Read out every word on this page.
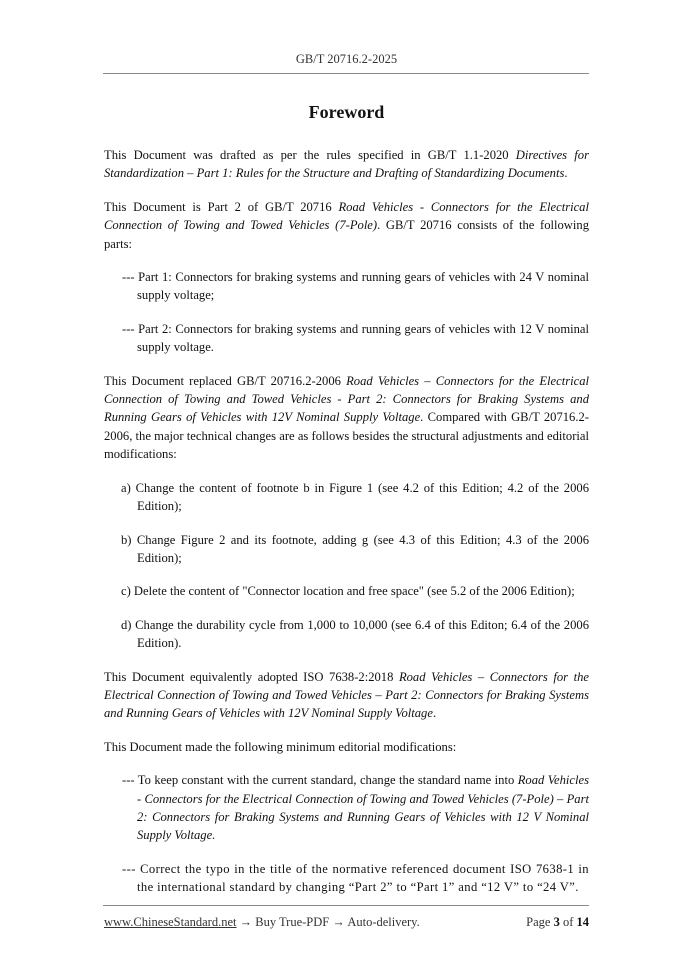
GB/T 20716.2-2025
Foreword

This Document was drafted as per the rules specified in GB/T 1.1-2020 Directives for Standardization – Part 1: Rules for the Structure and Drafting of Standardizing Documents.

This Document is Part 2 of GB/T 20716 Road Vehicles - Connectors for the Electrical Connection of Towing and Towed Vehicles (7-Pole). GB/T 20716 consists of the following parts:

--- Part 1: Connectors for braking systems and running gears of vehicles with 24 V nominal supply voltage;
--- Part 2: Connectors for braking systems and running gears of vehicles with 12 V nominal supply voltage.

This Document replaced GB/T 20716.2-2006 Road Vehicles – Connectors for the Electrical Connection of Towing and Towed Vehicles - Part 2: Connectors for Braking Systems and Running Gears of Vehicles with 12V Nominal Supply Voltage. Compared with GB/T 20716.2-2006, the major technical changes are as follows besides the structural adjustments and editorial modifications:

a) Change the content of footnote b in Figure 1 (see 4.2 of this Edition; 4.2 of the 2006 Edition);
b) Change Figure 2 and its footnote, adding g (see 4.3 of this Edition; 4.3 of the 2006 Edition);
c) Delete the content of "Connector location and free space" (see 5.2 of the 2006 Edition);
d) Change the durability cycle from 1,000 to 10,000 (see 6.4 of this Editon; 6.4 of the 2006 Edition).

This Document equivalently adopted ISO 7638-2:2018 Road Vehicles – Connectors for the Electrical Connection of Towing and Towed Vehicles – Part 2: Connectors for Braking Systems and Running Gears of Vehicles with 12V Nominal Supply Voltage.

This Document made the following minimum editorial modifications:

--- To keep constant with the current standard, change the standard name into Road Vehicles - Connectors for the Electrical Connection of Towing and Towed Vehicles (7-Pole) – Part 2: Connectors for Braking Systems and Running Gears of Vehicles with 12 V Nominal Supply Voltage.
--- Correct the typo in the title of the normative referenced document ISO 7638-1 in the international standard by changing “Part 2” to “Part 1” and “12 V” to “24 V”.
www.ChineseStandard.net → Buy True-PDF → Auto-delivery.	Page 3 of 14
